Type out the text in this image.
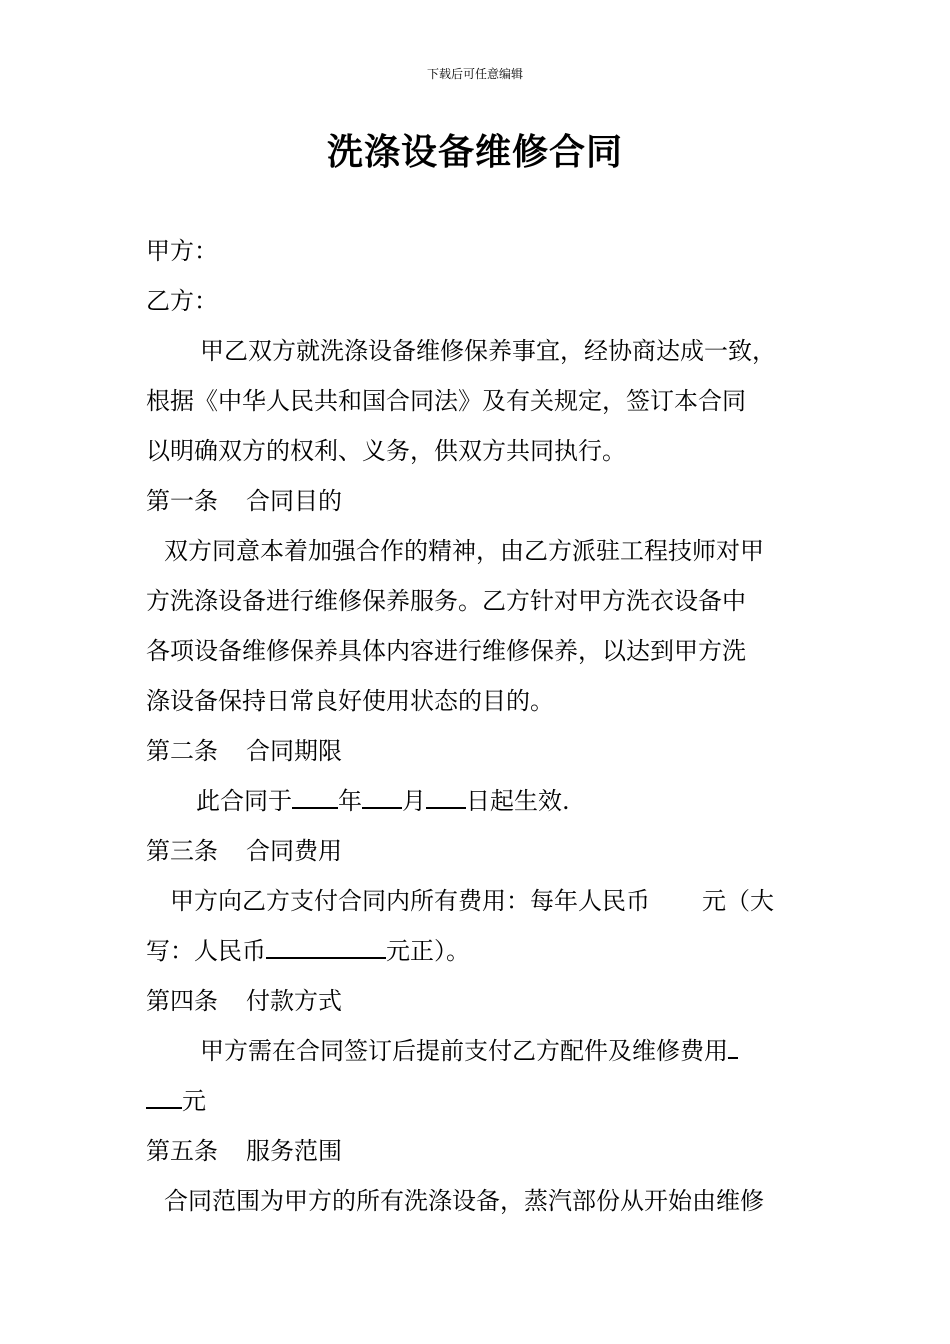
下载后可任意编辑
洗涤设备维修合同
甲方：
乙方：
甲乙双方就洗涤设备维修保养事宜，经协商达成一致，
根据《中华人民共和国合同法》及有关规定，签订本合同
以明确双方的权利、义务，供双方共同执行。
第一条 合同目的
双方同意本着加强合作的精神，由乙方派驻工程技师对甲
方洗涤设备进行维修保养服务。乙方针对甲方洗衣设备中
各项设备维修保养具体内容进行维修保养，以达到甲方洗
涤设备保持日常良好使用状态的目的。
第二条 合同期限
此合同于 年 月 日起生效.
第三条 合同费用
甲方向乙方支付合同内所有费用：每年人民币 元（大
写：人民币	元正）。
第四条 付款方式
甲方需在合同签订后提前支付乙方配件及维修费用
元
第五条 服务范围
合同范围为甲方的所有洗涤设备，蒸汽部份从开始由维修
